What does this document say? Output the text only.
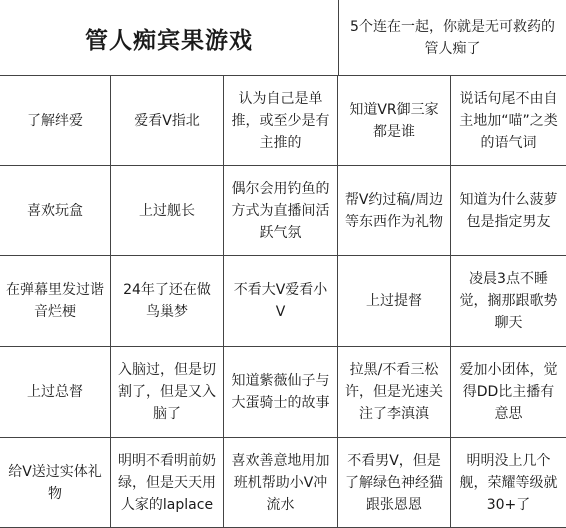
管人痴宾果游戏
5个连在一起，你就是无可救药的管人痴了
了解绊爱	爱看V指北
认为自己是单推，或至少是有主推的
知道VR御三家都是谁
说话句尾不由自主地加“喵”之类的语气词
喜欢玩盒	上过舰长
偶尔会用钓鱼的方式为直播间活跃气氛
帮V约过稿/周边等东西作为礼物
知道为什么菠萝包是指定男友
在弹幕里发过谐音烂梗
24年了还在做鸟巢梦
不看大V爱看小V
上过提督
凌晨3点不睡觉，搁那跟歌势聊天
上过总督
入脑过，但是切割了，但是又入脑了
知道紫薇仙子与大蛋骑士的故事
拉黑/不看三松许，但是光速关注了李滇滇
爱加小团体，觉得DD比主播有意思
给V送过实体礼物
明明不看明前奶绿，但是天天用人家的laplace
喜欢善意地用加班机帮助小V冲流水
不看男V，但是了解绿色神经猫跟张恩恩
明明没上几个舰，荣耀等级就30+了
